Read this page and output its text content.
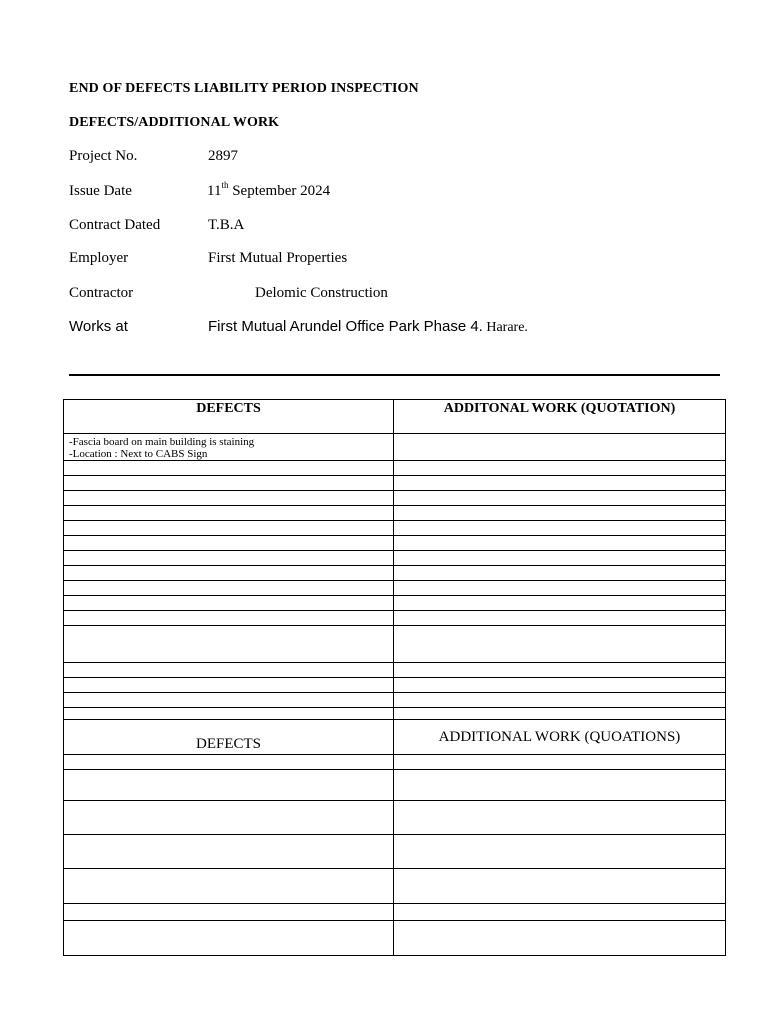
END OF DEFECTS LIABILITY PERIOD INSPECTION
DEFECTS/ADDITIONAL WORK
Project No.	2897
Issue Date	11th September 2024
Contract Dated	T.B.A
Employer	First Mutual Properties
Contractor	Delomic Construction
Works at	First Mutual Arundel Office Park Phase 4. Harare.
DEFECTS	ADDITONAL WORK (QUOTATION)

-Fascia board on main building is staining
-Location : Next to CABS Sign	

DEFECTS	ADDITIONAL WORK (QUOATIONS)
